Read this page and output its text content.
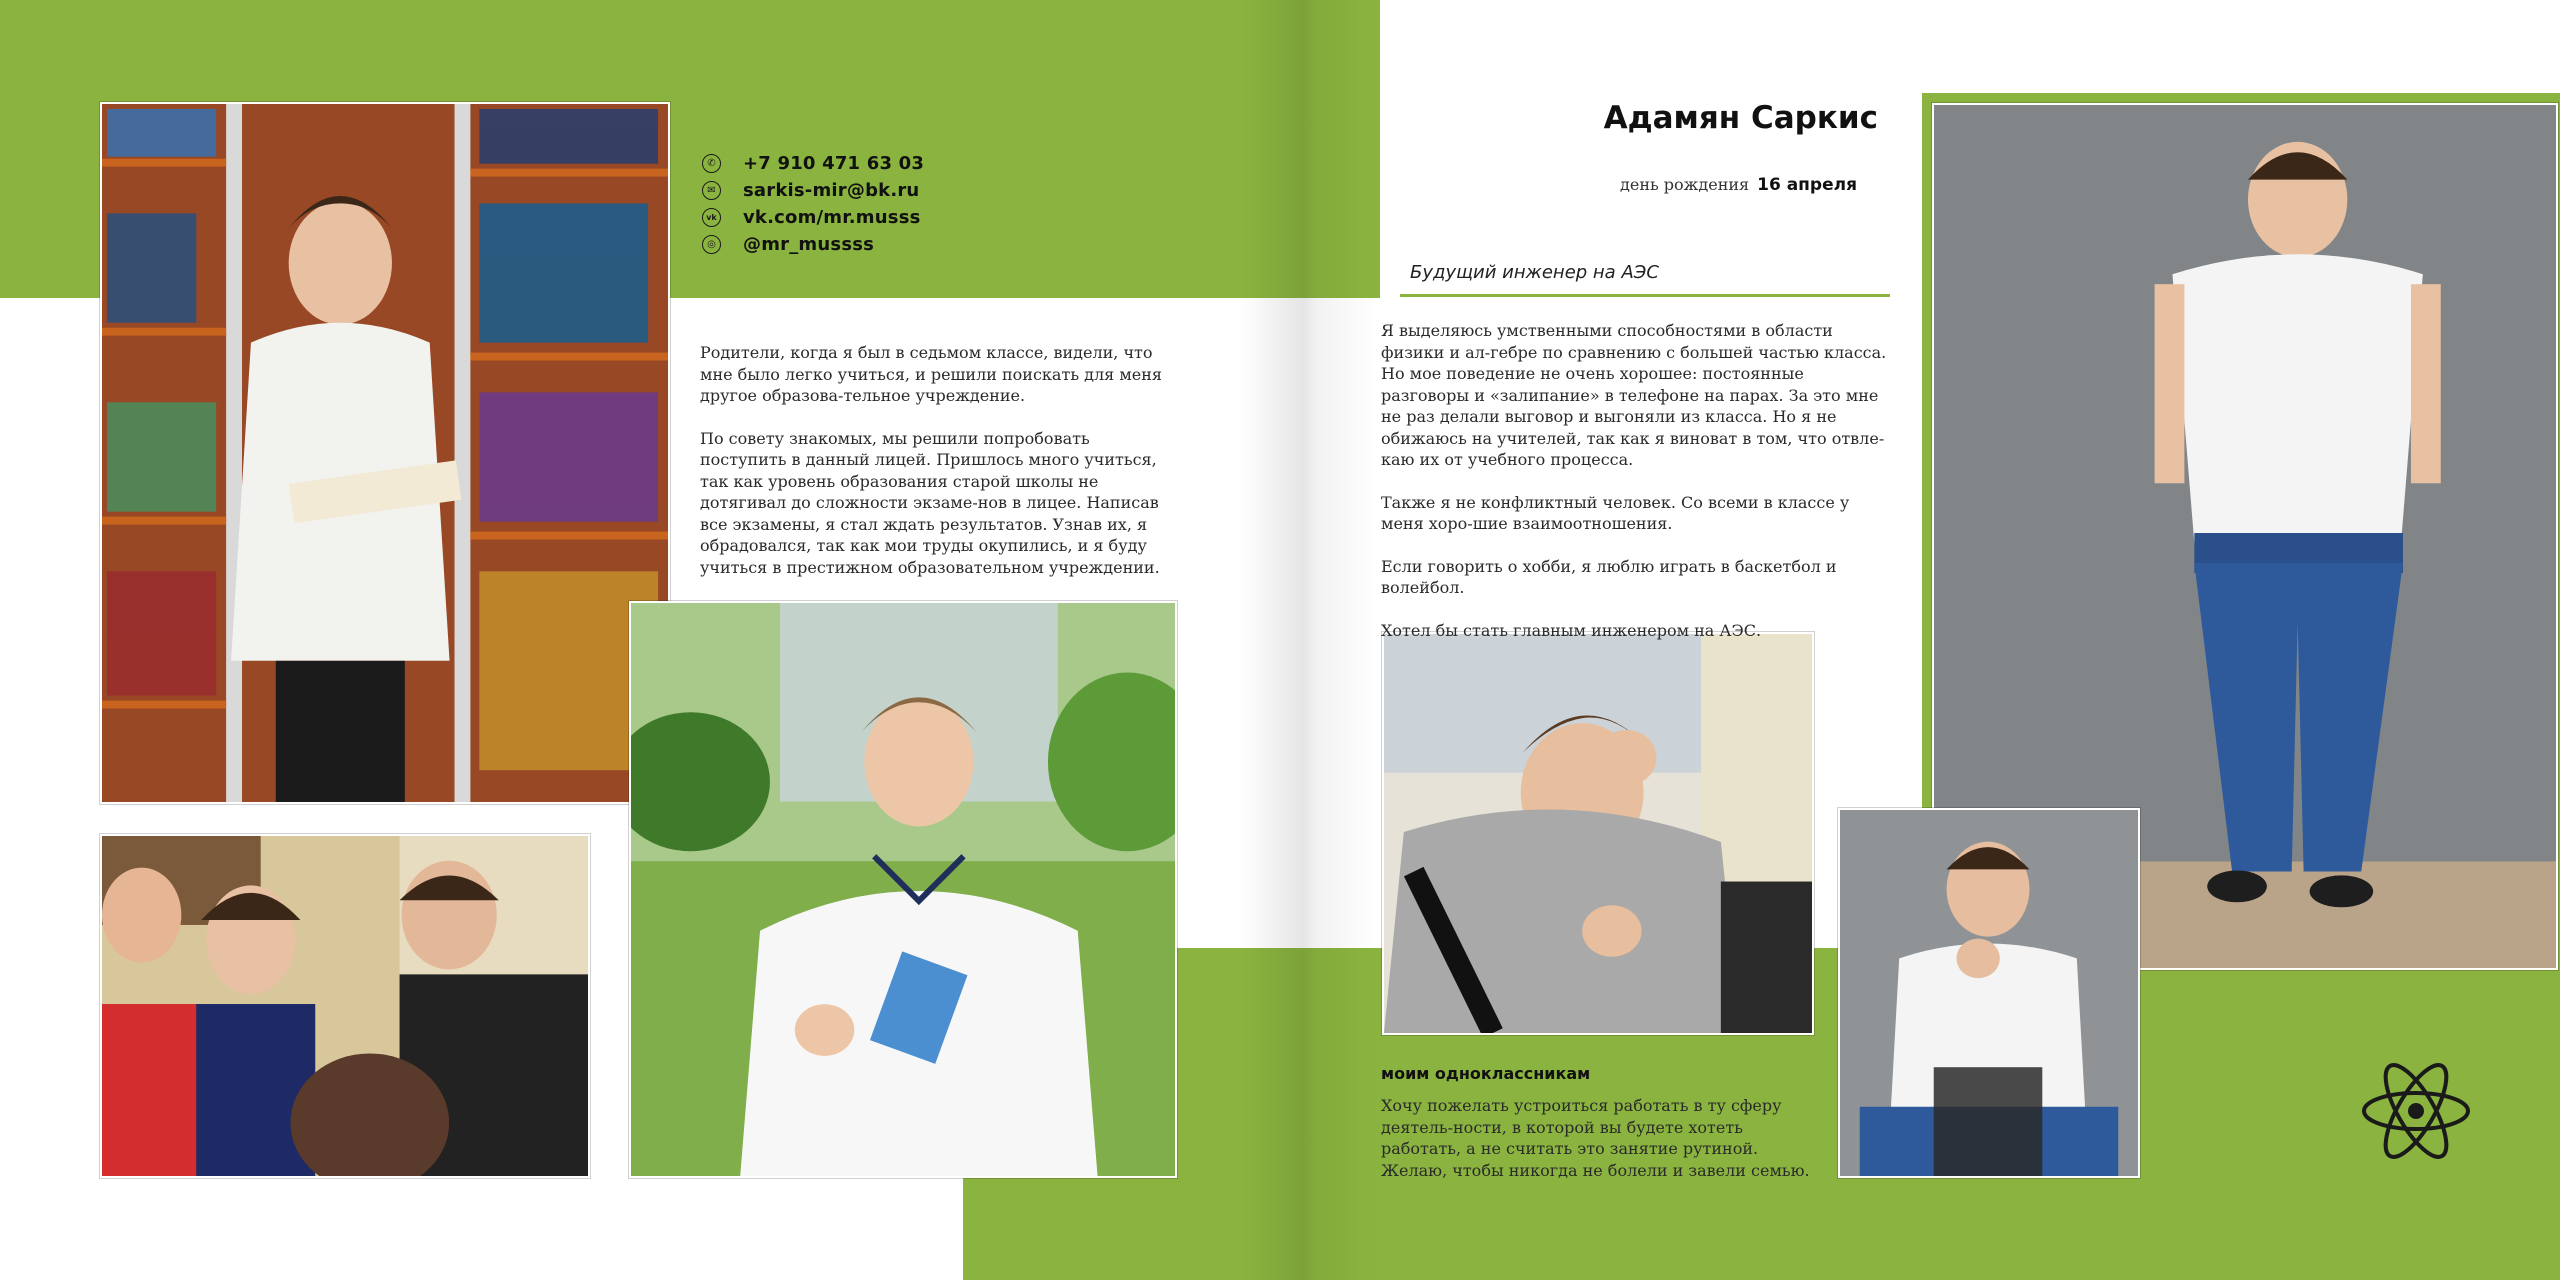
✆ +7 910 471 63 03
✉ sarkis-mir@bk.ru
vk vk.com/mr.musss
◎ @mr_mussss

Родители, когда я был в седьмом классе, видели, что мне было легко учиться, и решили поискать для меня другое образова-тельное учреждение.

По совету знакомых, мы решили попробовать поступить в данный лицей. Пришлось много учиться, так как уровень образования старой школы не дотягивал до сложности экзаме-нов в лицее. Написав все экзамены, я стал ждать результатов. Узнав их, я обрадовался, так как мои труды окупились, и я буду учиться в престижном образовательном учреждении.

Адамян Саркис
день рождения 16 апреля
Будущий инженер на АЭС

Я выделяюсь умственными способностями в области физики и ал-гебре по сравнению с большей частью класса. Но мое поведение не очень хорошее: постоянные разговоры и «залипание» в телефоне на парах. За это мне не раз делали выговор и выгоняли из класса. Но я не обижаюсь на учителей, так как я виноват в том, что отвле-каю их от учебного процесса.

Также я не конфликтный человек. Со всеми в классе у меня хоро-шие взаимоотношения.

Если говорить о хобби, я люблю играть в баскетбол и волейбол.

Хотел бы стать главным инженером на АЭС.

моим одноклассникам
Хочу пожелать устроиться работать в ту сферу деятель-ности, в которой вы будете хотеть работать, а не считать это занятие рутиной. Желаю, чтобы никогда не болели и завели семью.
